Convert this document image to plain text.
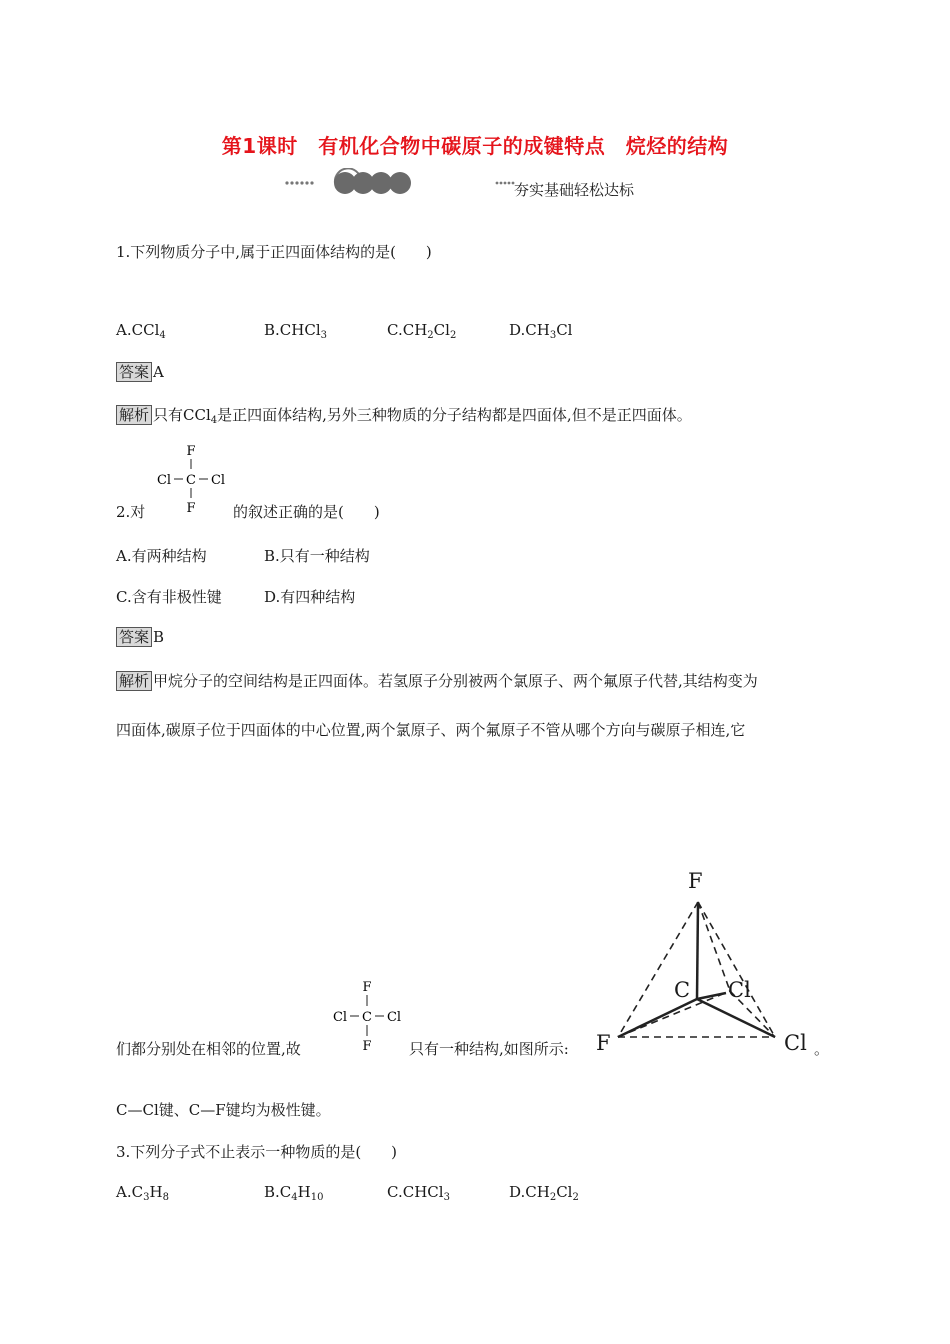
第1课时　有机化合物中碳原子的成键特点　烷烃的结构
夯实基础轻松达标
1.下列物质分子中,属于正四面体结构的是(　　)
A.CCl$_4$	B.CHCl$_3$	$C.CH_2Cl_2$	$D.CH_3Cl$
答案 A
解析 只有CCl$_4$是正四面体结构,另外三种物质的分子结构都是四面体,但不是正四面体。
F
Cl C Cl
F
2.对	的叙述正确的是(　　)
A.有两种结构	B.只有一种结构
C.含有非极性键	D.有四种结构
答案 B
解析 甲烷分子的空间结构是正四面体。若氢原子分别被两个氯原子、两个氟原子代替,其结构变为
四面体,碳原子位于四面体的中心位置,两个氯原子、两个氟原子不管从哪个方向与碳原子相连,它
F
Cl C Cl
F
F
C Cl
F	Cl
们都分别处在相邻的位置,故	只有一种结构,如图所示:	。
C—Cl键、C—F键均为极性键。
3.下列分子式不止表示一种物质的是(　　)
$A.C_3H_8$	$B.C_4H_{10}$	C.CHCl$_3$	$D.CH_2Cl_2$
